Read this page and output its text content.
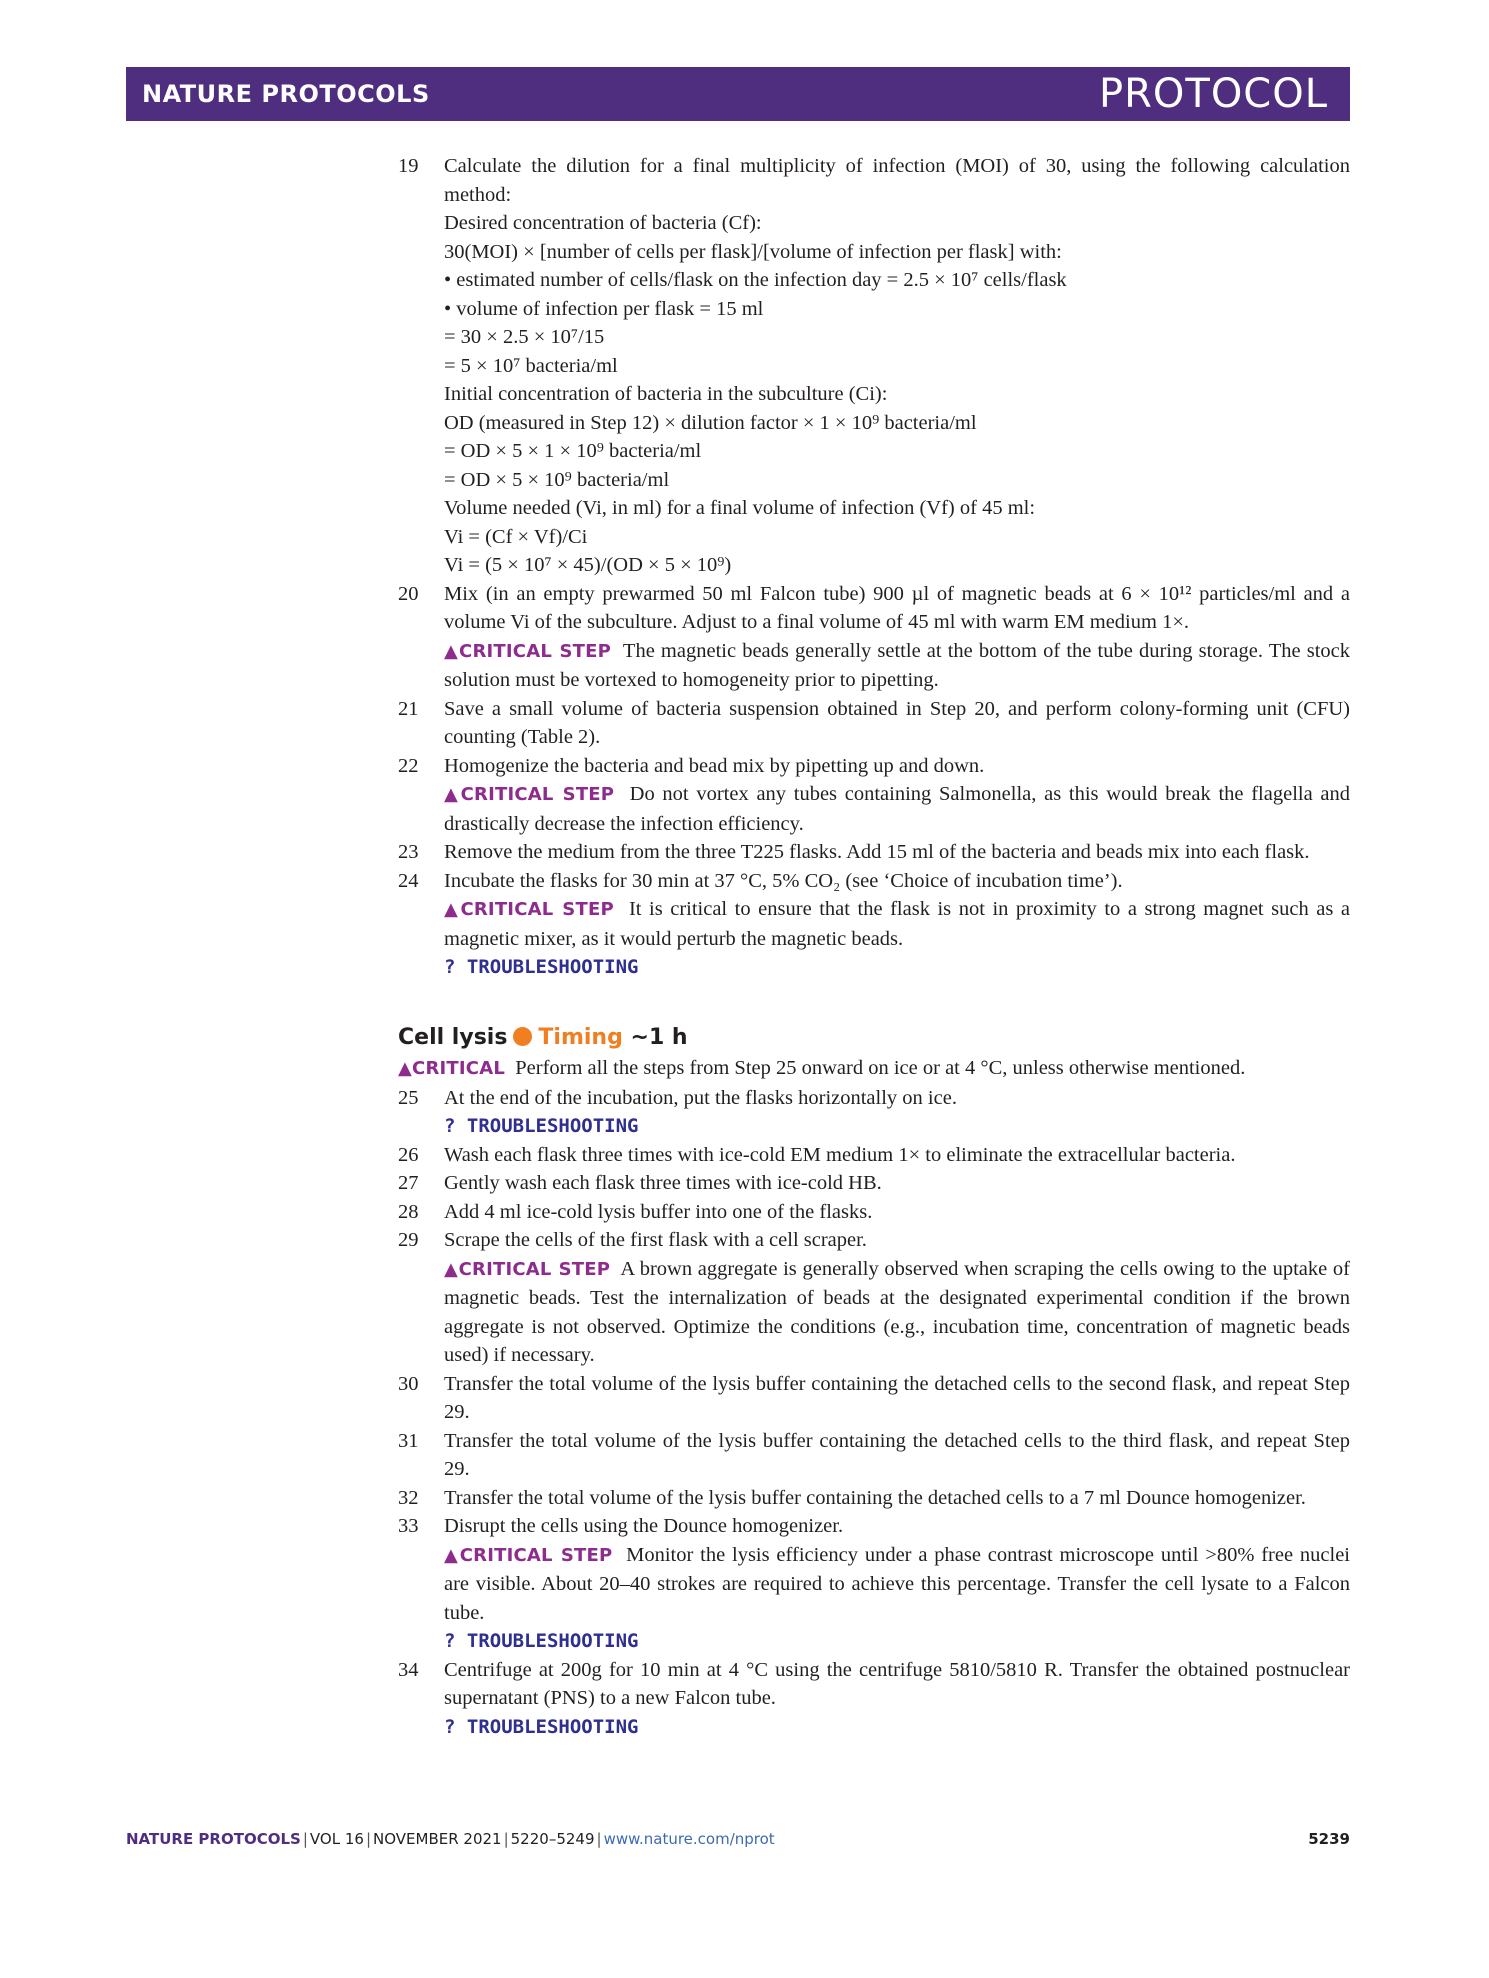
NATURE PROTOCOLS	PROTOCOL
19	Calculate the dilution for a final multiplicity of infection (MOI) of 30, using the following calculation method:
Desired concentration of bacteria (Cf):
30(MOI) × [number of cells per flask]/[volume of infection per flask] with:
• estimated number of cells/flask on the infection day = 2.5 × 10⁷ cells/flask
• volume of infection per flask = 15 ml
= 30 × 2.5 × 10⁷/15
= 5 × 10⁷ bacteria/ml
Initial concentration of bacteria in the subculture (Ci):
OD (measured in Step 12) × dilution factor × 1 × 10⁹ bacteria/ml
= OD × 5 × 1 × 10⁹ bacteria/ml
= OD × 5 × 10⁹ bacteria/ml
Volume needed (Vi, in ml) for a final volume of infection (Vf) of 45 ml:
Vi = (Cf × Vf)/Ci
Vi = (5 × 10⁷ × 45)/(OD × 5 × 10⁹)
20	Mix (in an empty prewarmed 50 ml Falcon tube) 900 µl of magnetic beads at 6 × 10¹² particles/ml and a volume Vi of the subculture. Adjust to a final volume of 45 ml with warm EM medium 1×.
▲CRITICAL STEP The magnetic beads generally settle at the bottom of the tube during storage. The stock solution must be vortexed to homogeneity prior to pipetting.
21	Save a small volume of bacteria suspension obtained in Step 20, and perform colony-forming unit (CFU) counting (Table 2).
22	Homogenize the bacteria and bead mix by pipetting up and down.
▲CRITICAL STEP Do not vortex any tubes containing Salmonella, as this would break the flagella and drastically decrease the infection efficiency.
23	Remove the medium from the three T225 flasks. Add 15 ml of the bacteria and beads mix into each flask.
24	Incubate the flasks for 30 min at 37 °C, 5% CO₂ (see ‘Choice of incubation time’).
▲CRITICAL STEP It is critical to ensure that the flask is not in proximity to a strong magnet such as a magnetic mixer, as it would perturb the magnetic beads.
? TROUBLESHOOTING
Cell lysis Timing ~1 h
▲CRITICAL Perform all the steps from Step 25 onward on ice or at 4 °C, unless otherwise mentioned.
25	At the end of the incubation, put the flasks horizontally on ice.
? TROUBLESHOOTING
26	Wash each flask three times with ice-cold EM medium 1× to eliminate the extracellular bacteria.
27	Gently wash each flask three times with ice-cold HB.
28	Add 4 ml ice-cold lysis buffer into one of the flasks.
29	Scrape the cells of the first flask with a cell scraper.
▲CRITICAL STEP A brown aggregate is generally observed when scraping the cells owing to the uptake of magnetic beads. Test the internalization of beads at the designated experimental condition if the brown aggregate is not observed. Optimize the conditions (e.g., incubation time, concentration of magnetic beads used) if necessary.
30	Transfer the total volume of the lysis buffer containing the detached cells to the second flask, and repeat Step 29.
31	Transfer the total volume of the lysis buffer containing the detached cells to the third flask, and repeat Step 29.
32	Transfer the total volume of the lysis buffer containing the detached cells to a 7 ml Dounce homogenizer.
33	Disrupt the cells using the Dounce homogenizer.
▲CRITICAL STEP Monitor the lysis efficiency under a phase contrast microscope until >80% free nuclei are visible. About 20–40 strokes are required to achieve this percentage. Transfer the cell lysate to a Falcon tube.
? TROUBLESHOOTING
34	Centrifuge at 200g for 10 min at 4 °C using the centrifuge 5810/5810 R. Transfer the obtained postnuclear supernatant (PNS) to a new Falcon tube.
? TROUBLESHOOTING
NATURE PROTOCOLS | VOL 16 | NOVEMBER 2021 | 5220–5249 | www.nature.com/nprot	5239
